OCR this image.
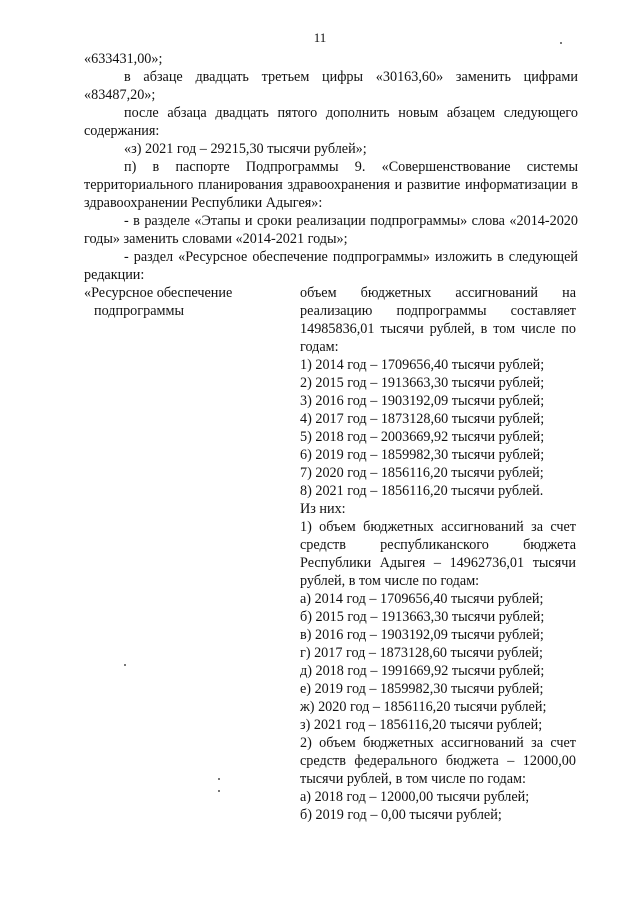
11

«633431,00»;

в абзаце двадцать третьем цифры «30163,60» заменить цифрами «83487,20»;

после абзаца двадцать пятого дополнить новым абзацем следующего содержания:

«з) 2021 год – 29215,30 тысячи рублей»;

п) в паспорте Подпрограммы 9. «Совершенствование системы территориального планирования здравоохранения и развитие информатизации в здравоохранении Республики Адыгея»:

- в разделе «Этапы и сроки реализации подпрограммы» слова «2014-2020 годы» заменить словами «2014-2021 годы»;

- раздел «Ресурсное обеспечение подпрограммы» изложить в следующей редакции:

«Ресурсное обеспечение
подпрограммы

объем бюджетных ассигнований на реализацию подпрограммы составляет 14985836,01 тысячи рублей, в том числе по годам:

1) 2014 год – 1709656,40 тысячи рублей;

2) 2015 год – 1913663,30 тысячи рублей;

3) 2016 год – 1903192,09 тысячи рублей;

4) 2017 год – 1873128,60 тысячи рублей;

5) 2018 год – 2003669,92 тысячи рублей;

6) 2019 год – 1859982,30 тысячи рублей;

7) 2020 год – 1856116,20 тысячи рублей;

8) 2021 год – 1856116,20 тысячи рублей.

Из них:

1) объем бюджетных ассигнований за счет средств республиканского бюджета Республики Адыгея – 14962736,01 тысячи рублей, в том числе по годам:

а) 2014 год – 1709656,40 тысячи рублей;

б) 2015 год – 1913663,30 тысячи рублей;

в) 2016 год – 1903192,09 тысячи рублей;

г) 2017 год – 1873128,60 тысячи рублей;

д) 2018 год – 1991669,92 тысячи рублей;

е) 2019 год – 1859982,30 тысячи рублей;

ж) 2020 год – 1856116,20 тысячи рублей;

з) 2021 год – 1856116,20 тысячи рублей;

2) объем бюджетных ассигнований за счет средств федерального бюджета – 12000,00 тысячи рублей, в том числе по годам:

а) 2018 год – 12000,00 тысячи рублей;

б) 2019 год – 0,00 тысячи рублей;
